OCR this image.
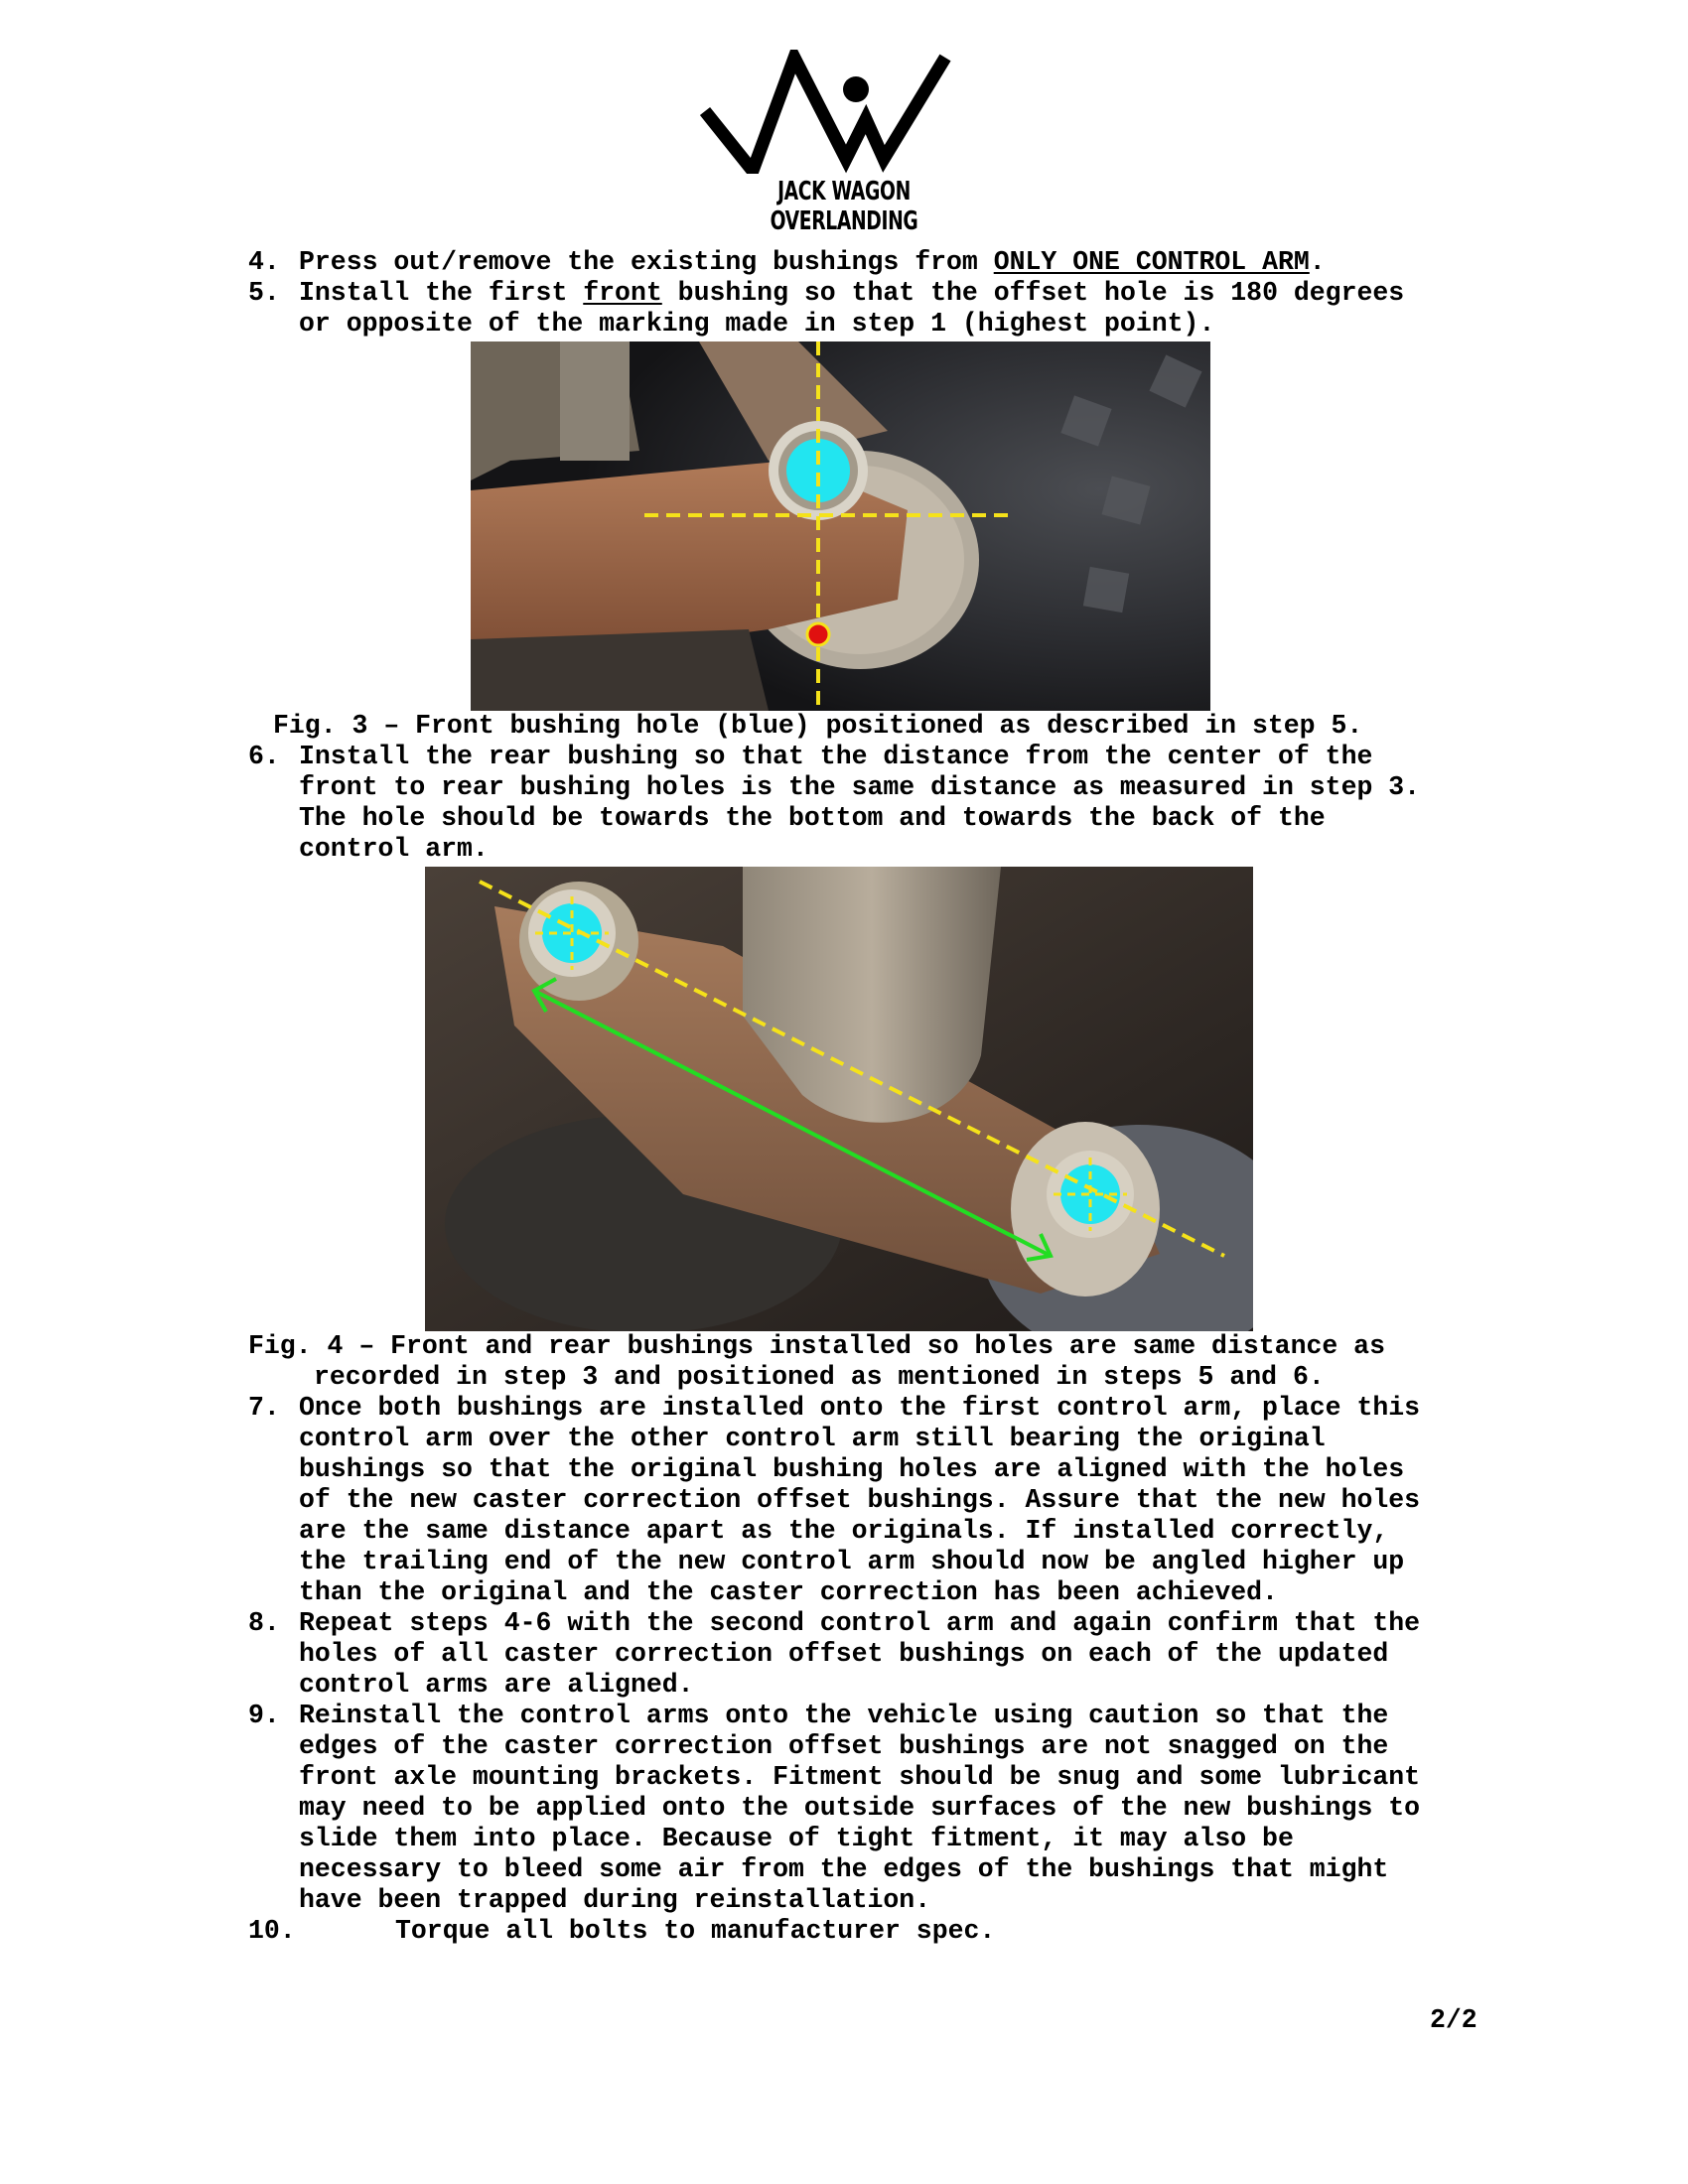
JACK WAGON OVERLANDING
4. Press out/remove the existing bushings from ONLY ONE CONTROL ARM.
5. Install the first front bushing so that the offset hole is 180 degrees
or opposite of the marking made in step 1 (highest point).
Fig. 3 – Front bushing hole (blue) positioned as described in step 5.
6. Install the rear bushing so that the distance from the center of the
front to rear bushing holes is the same distance as measured in step 3.
The hole should be towards the bottom and towards the back of the
control arm.
Fig. 4 – Front and rear bushings installed so holes are same distance as
recorded in step 3 and positioned as mentioned in steps 5 and 6.
7. Once both bushings are installed onto the first control arm, place this
control arm over the other control arm still bearing the original
bushings so that the original bushing holes are aligned with the holes
of the new caster correction offset bushings. Assure that the new holes
are the same distance apart as the originals. If installed correctly,
the trailing end of the new control arm should now be angled higher up
than the original and the caster correction has been achieved.
8. Repeat steps 4-6 with the second control arm and again confirm that the
holes of all caster correction offset bushings on each of the updated
control arms are aligned.
9. Reinstall the control arms onto the vehicle using caution so that the
edges of the caster correction offset bushings are not snagged on the
front axle mounting brackets. Fitment should be snug and some lubricant
may need to be applied onto the outside surfaces of the new bushings to
slide them into place. Because of tight fitment, it may also be
necessary to bleed some air from the edges of the bushings that might
have been trapped during reinstallation.
10.	Torque all bolts to manufacturer spec.
2/2
